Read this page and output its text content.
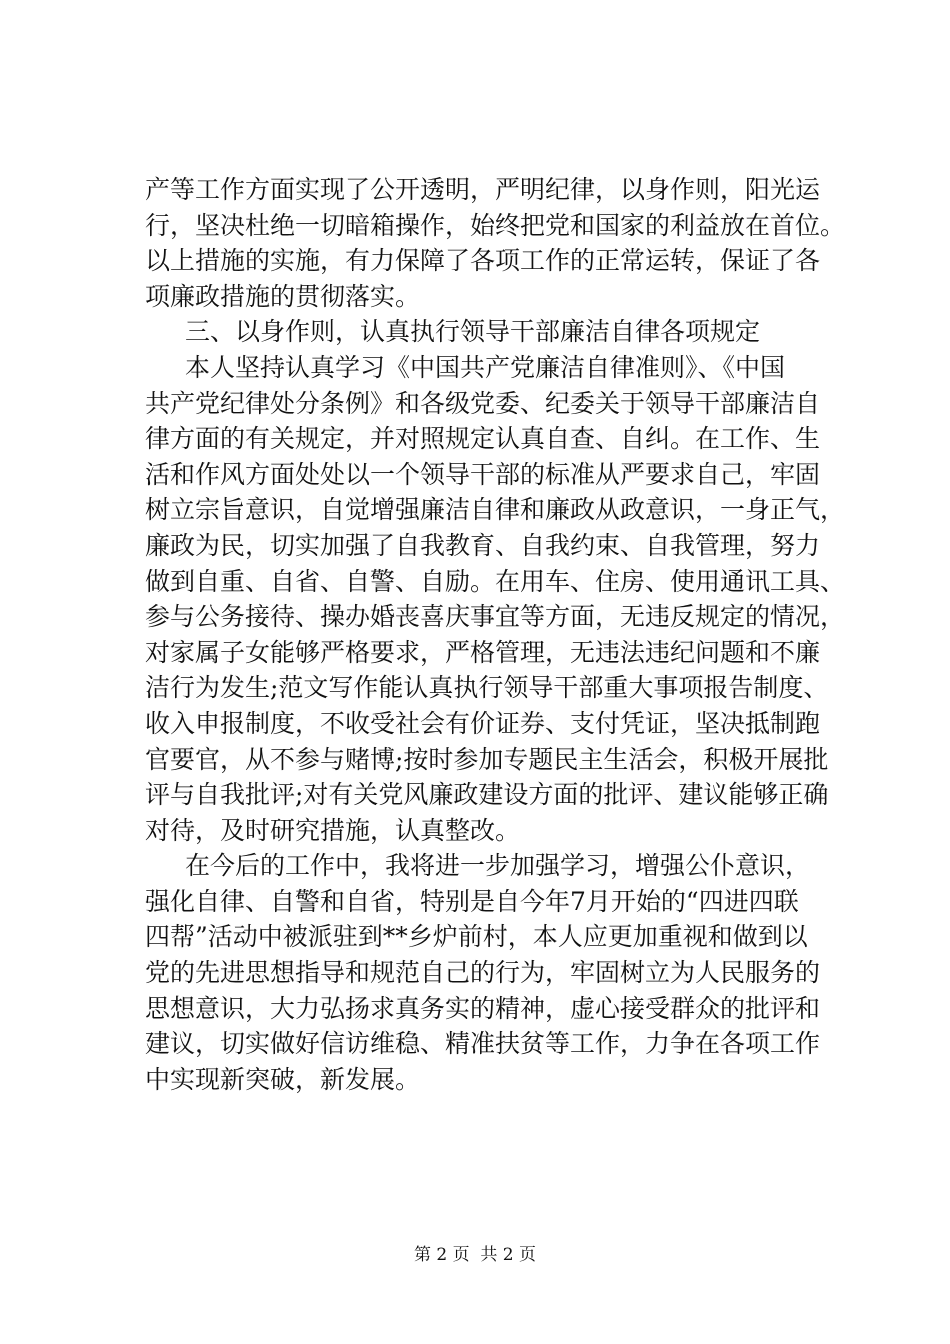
产等工作方面实现了公开透明，严明纪律，以身作则，阳光运
行，坚决杜绝一切暗箱操作，始终把党和国家的利益放在首位。
以上措施的实施，有力保障了各项工作的正常运转，保证了各
项廉政措施的贯彻落实。
三、以身作则，认真执行领导干部廉洁自律各项规定
本人坚持认真学习《中国共产党廉洁自律准则》、《中国
共产党纪律处分条例》和各级党委、纪委关于领导干部廉洁自
律方面的有关规定，并对照规定认真自查、自纠。在工作、生
活和作风方面处处以一个领导干部的标准从严要求自己，牢固
树立宗旨意识，自觉增强廉洁自律和廉政从政意识，一身正气，
廉政为民，切实加强了自我教育、自我约束、自我管理，努力
做到自重、自省、自警、自励。在用车、住房、使用通讯工具、
参与公务接待、操办婚丧喜庆事宜等方面，无违反规定的情况，
对家属子女能够严格要求，严格管理，无违法违纪问题和不廉
洁行为发生;范文写作能认真执行领导干部重大事项报告制度、
收入申报制度，不收受社会有价证券、支付凭证，坚决抵制跑
官要官，从不参与赌博;按时参加专题民主生活会，积极开展批
评与自我批评;对有关党风廉政建设方面的批评、建议能够正确
对待，及时研究措施，认真整改。
在今后的工作中，我将进一步加强学习，增强公仆意识，
强化自律、自警和自省，特别是自今年7月开始的“四进四联
四帮”活动中被派驻到**乡炉前村，本人应更加重视和做到以
党的先进思想指导和规范自己的行为，牢固树立为人民服务的
思想意识，大力弘扬求真务实的精神，虚心接受群众的批评和
建议，切实做好信访维稳、精准扶贫等工作，力争在各项工作
中实现新突破，新发展。
第 2 页  共 2 页
